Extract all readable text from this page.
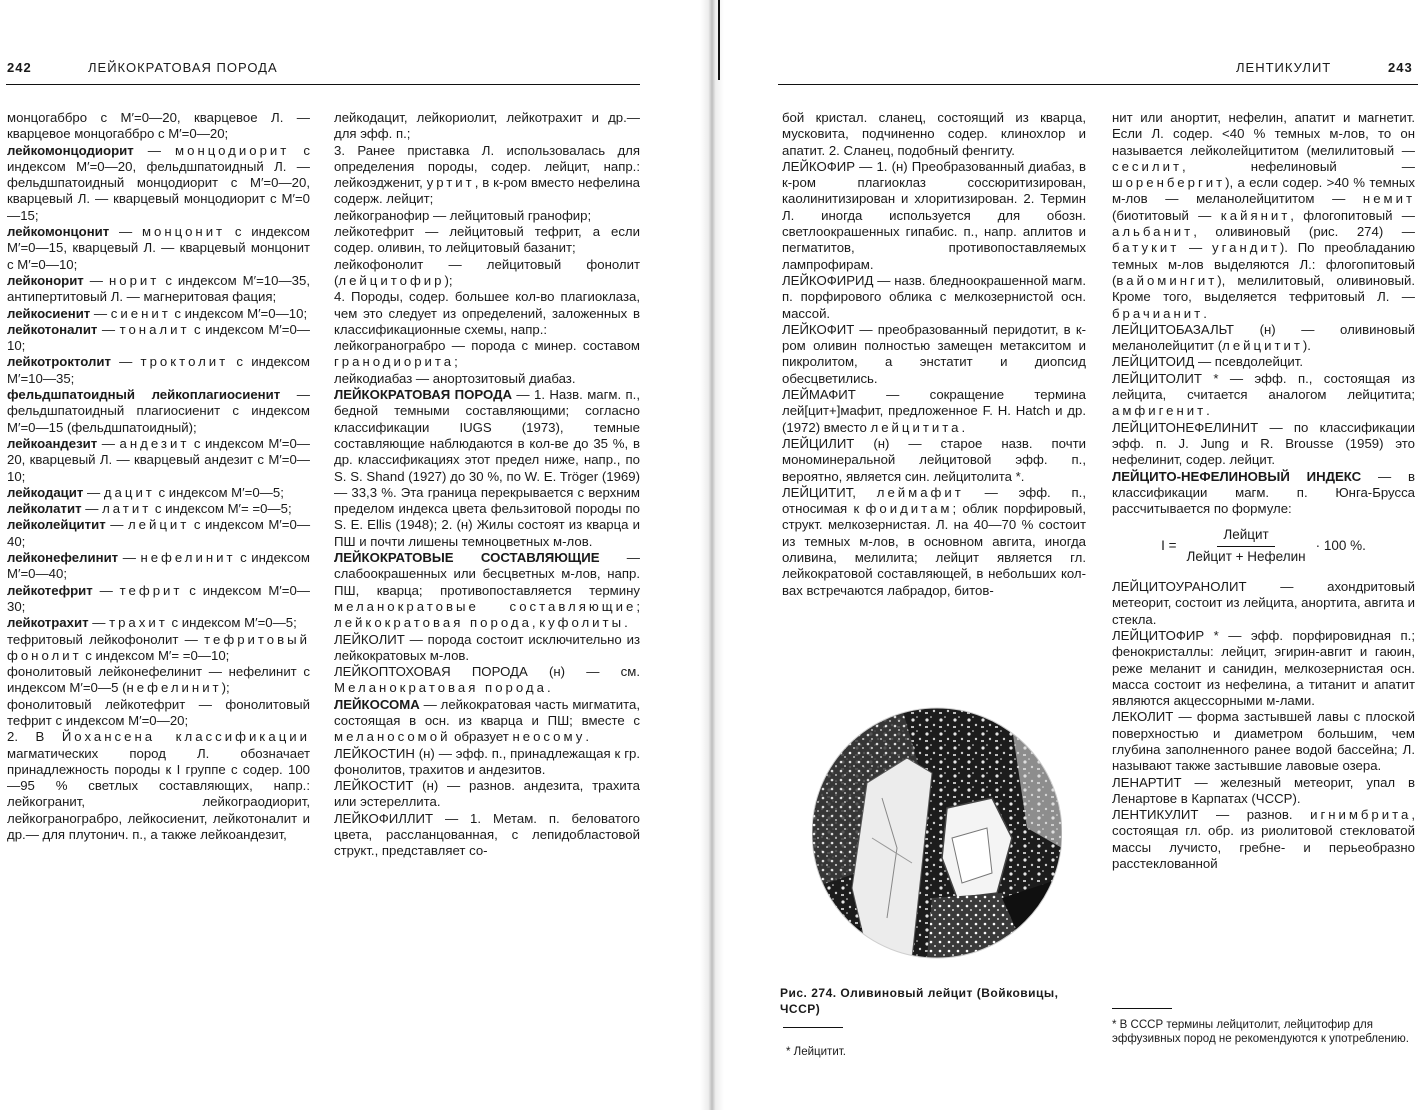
242	ЛЕЙКОКРАТОВАЯ ПОРОДА

монцогаббро с M′=0—20, кварцевое Л. — кварцевое монцогаббро с M′=0—20;

лейкомонцодиорит — монцодиорит с индексом M′=0—20, фельдшпатоидный Л. — фельдшпатоидный монцодиорит с M′=0—20, кварцевый Л. — кварцевый монцодиорит с M′=0—15;

лейкомонцонит — монцонит с индексом M′=0—15, кварцевый Л. — кварцевый монцонит с M′=0—10;

лейконорит — норит с индексом M′=10—35, антипертитовый Л. — магнеритовая фация;

лейкосиенит — сиенит с индексом M′=0—10;

лейкотоналит — тоналит с индексом M′=0—10;

лейкотроктолит — троктолит с индексом M′=10—35;

фельдшпатоидный лейкоплагиосиенит — фельдшпатоидный плагиосиенит с индексом M′=0—15 (фельдшпатоидный);

лейкоандезит — андезит с индексом M′=0—20, кварцевый Л. — кварцевый андезит с M′=0—10;

лейкодацит — дацит с индексом M′=0—5;

лейколатит — латит с индексом M′= =0—5;

лейколейцитит — лейцит с индексом M′=0—40;

лейконефелинит — нефелинит с индексом M′=0—40;

лейкотефрит — тефрит с индексом M′=0—30;

лейкотрахит — трахит с индексом M′=0—5;

тефритовый лейкофонолит — тефритовый фонолит с индексом M′= =0—10;

фонолитовый лейконефелинит — нефелинит с индексом M′=0—5 (нефелинит);

фонолитовый лейкотефрит — фонолитовый тефрит с индексом M′=0—20;

2. В Йохансена классификации магматических пород Л. обозначает принадлежность породы к I группе с содер. 100—95 % светлых составляющих, напр.: лейкогранит, лейкограодиорит, лейкогранограбро, лейкосиенит, лейкотоналит и др.— для плутонич. п., а также лейкоандезит,

лейкодацит, лейкориолит, лейкотрахит и др.— для эфф. п.;

3. Ранее приставка Л. использовалась для определения породы, содер. лейцит, напр.: лейкоэдженит, уртит, в к-ром вместо нефелина содерж. лейцит;

лейкогранофир — лейцитовый гранофир;

лейкотефрит — лейцитовый тефрит, а если содер. оливин, то лейцитовый базанит;

лейкофонолит — лейцитовый фонолит (лейцитофир);

4. Породы, содер. большее кол-во плагиоклаза, чем это следует из определений, заложенных в классификационные схемы, напр.:

лейкогранограбро — порода с минер. составом гранодиорита;

лейкодиабаз — анортозитовый диабаз.

ЛЕЙКОКРАТОВАЯ ПОРОДА — 1. Назв. магм. п., бедной темными составляющими; согласно классификации IUGS (1973), темные составляющие наблюдаются в кол-ве до 35 %, в др. классификациях этот предел ниже, напр., по S. S. Shand (1927) до 30 %, по W. E. Tröger (1969) — 33,3 %. Эта граница перекрывается с верхним пределом индекса цвета фельзитовой породы по S. E. Ellis (1948); 2. (н) Жилы состоят из кварца и ПШ и почти лишены темноцветных м-лов.

ЛЕЙКОКРАТОВЫЕ СОСТАВЛЯЮЩИЕ — слабоокрашенных или бесцветных м-лов, напр. ПШ, кварца; противопоставляется термину меланократовые составляющие; лейкократовая порода, куфолиты.

ЛЕЙКОЛИТ — порода состоит исключительно из лейкократовых м-лов.

ЛЕЙКОПТОХОВАЯ ПОРОДА (н) — см. Меланократовая порода.

ЛЕЙКОСОМА — лейкократовая часть мигматита, состоящая в осн. из кварца и ПШ; вместе с меланосомой образует неосому.

ЛЕЙКОСТИН (н) — эфф. п., принадлежащая к гр. фонолитов, трахитов и андезитов.

ЛЕЙКОСТИТ (н) — разнов. андезита, трахита или эстереллита.

ЛЕЙКОФИЛЛИТ — 1. Метам. п. беловатого цвета, рассланцованная, с лепидобластовой структ., представляет со-

ЛЕНТИКУЛИТ	243

бой кристал. сланец, состоящий из кварца, мусковита, подчиненно содер. клинохлор и апатит. 2. Сланец, подобный фенгиту.

ЛЕЙКОФИР — 1. (н) Преобразованный диабаз, в к-ром плагиоклаз соссюритизирован, каолинитизирован и хлоритизирован. 2. Термин Л. иногда используется для обозн. светлоокрашенных гипабис. п., напр. аплитов и пегматитов, противопоставляемых лампрофирам.

ЛЕЙКОФИРИД — назв. бледноокрашенной магм. п. порфирового облика с мелкозернистой осн. массой.

ЛЕЙКОФИТ — преобразованный перидотит, в к-ром оливин полностью замещен метакситом и пикролитом, а энстатит и диопсид обесцветились.

ЛЕЙМАФИТ — сокращение термина лей[цит+]мафит, предложенное F. H. Hatch и др. (1972) вместо лейцитита.

ЛЕЙЦИЛИТ (н) — старое назв. почти мономинеральной лейцитовой эфф. п., вероятно, является син. лейцитолита *.

ЛЕЙЦИТИТ, леймафит — эфф. п., относимая к фоидитам; облик порфировый, структ. мелкозернистая. Л. на 40—70 % состоит из темных м-лов, в основном авгита, иногда оливина, мелилита; лейцит является гл. лейкократовой составляющей, в небольших кол-вах встречаются лабрадор, битов-

нит или анортит, нефелин, апатит и магнетит. Если Л. содер. <40 % темных м-лов, то он называется лейколейцититом (мелилитовый — сесилит, нефелиновый — шоренбергит), а если содер. >40 % темных м-лов — меланолейцититом — немит (биотитовый — кайянит, флогопитовый — альбанит, оливиновый (рис. 274) — батукит — угандит). По преобладанию темных м-лов выделяются Л.: флогопитовый (вайомингит), мелилитовый, оливиновый. Кроме того, выделяется тефритовый Л. — брачианит.

ЛЕЙЦИТОБАЗАЛЬТ (н) — оливиновый меланолейцитит (лейцитит).

ЛЕЙЦИТОИД — псевдолейцит.

ЛЕЙЦИТОЛИТ * — эфф. п., состоящая из лейцита, считается аналогом лейцитита; амфигенит.

ЛЕЙЦИТОНЕФЕЛИНИТ — по классификации эфф. п. J. Jung и R. Brousse (1959) это нефелинит, содер. лейцит.

ЛЕЙЦИТО-НЕФЕЛИНОВЫЙ ИНДЕКС — в классификации магм. п. Юнга-Брусса рассчитывается по формуле:

$I = \frac{\text{Лейцит}}{\text{Лейцит + Нефелин}} \cdot 100$ %.

ЛЕЙЦИТОУРАНОЛИТ — ахондритовый метеорит, состоит из лейцита, анортита, авгита и стекла.

ЛЕЙЦИТОФИР * — эфф. порфировидная п.; фенокристаллы: лейцит, эгирин-авгит и гаюин, реже меланит и санидин, мелкозернистая осн. масса состоит из нефелина, а титанит и апатит являются акцессорными м-лами.

ЛЕКОЛИТ — форма застывшей лавы с плоской поверхностью и диаметром большим, чем глубина заполненного ранее водой бассейна; Л. называют также застывшие лавовые озера.

ЛЕНАРТИТ — железный метеорит, упал в Ленартове в Карпатах (ЧССР).

ЛЕНТИКУЛИТ — разнов. игнимбрита, состоящая гл. обр. из риолитовой стекловатой массы лучисто, гребне- и перьеобразно расстеклованной

Рис. 274. Оливиновый лейцит (Войковицы, ЧССР)
* Лейцитит.
* В СССР термины лейцитолит, лейцитофир для эффузивных пород не рекомендуются к употреблению.
